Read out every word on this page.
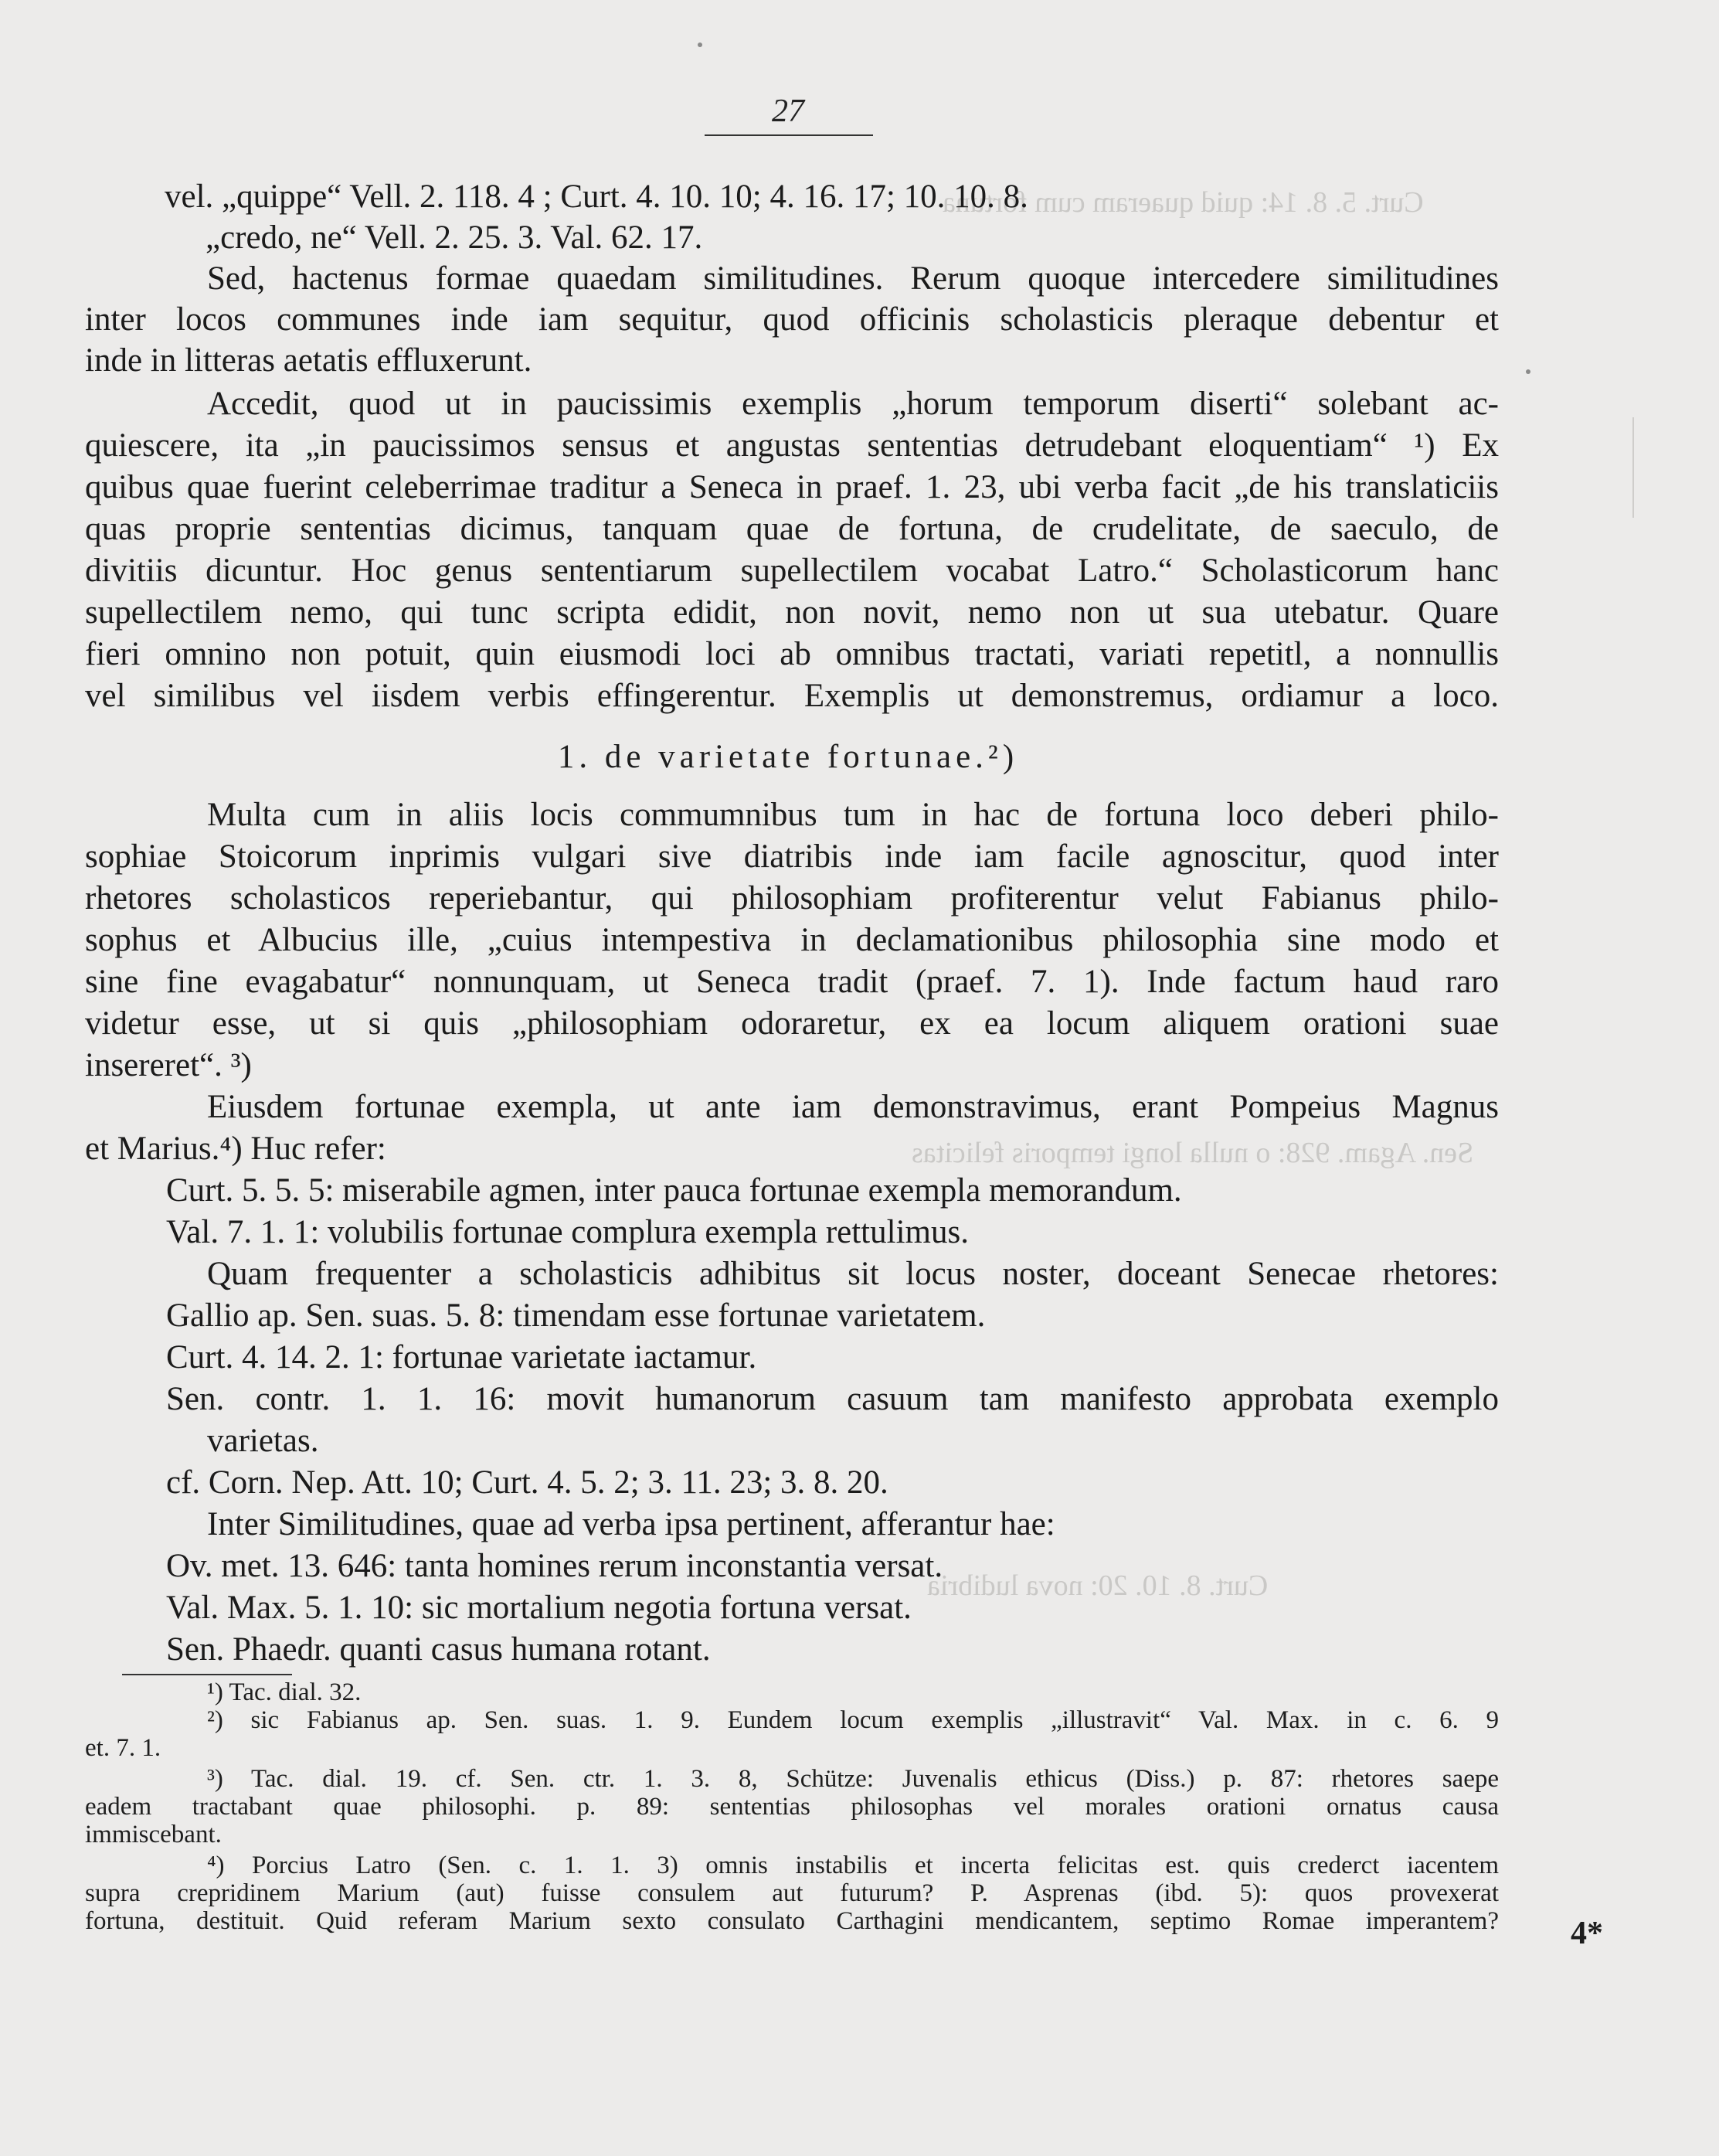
Curt. 5. 8. 14: quid quaeram cum fortuna
Sen. Agam. 928: o nulla longi temporis felicitas
Curt. 8. 10. 20: nova ludibria
27
vel. „quippe“ Vell. 2. 118. 4 ; Curt. 4. 10. 10; 4. 16. 17; 10. 10. 8.
„credo, ne“ Vell. 2. 25. 3. Val. 62. 17.
Sed, hactenus formae quaedam similitudines. Rerum quoque intercedere similitudines
inter locos communes inde iam sequitur, quod officinis scholasticis pleraque debentur et
inde in litteras aetatis effluxerunt.
Accedit, quod ut in paucissimis exemplis „horum temporum diserti“ solebant ac-
quiescere, ita „in paucissimos sensus et angustas sententias detrudebant eloquentiam“ ¹) Ex
quibus quae fuerint celeberrimae traditur a Seneca in praef. 1. 23, ubi verba facit „de his translaticiis
quas proprie sententias dicimus, tanquam quae de fortuna, de crudelitate, de saeculo, de
divitiis dicuntur. Hoc genus sententiarum supellectilem vocabat Latro.“ Scholasticorum hanc
supellectilem nemo, qui tunc scripta edidit, non novit, nemo non ut sua utebatur. Quare
fieri omnino non potuit, quin eiusmodi loci ab omnibus tractati, variati repetitl, a nonnullis
vel similibus vel iisdem verbis effingerentur. Exemplis ut demonstremus, ordiamur a loco.
1. de varietate fortunae.²)
Multa cum in aliis locis commumnibus tum in hac de fortuna loco deberi philo-
sophiae Stoicorum inprimis vulgari sive diatribis inde iam facile agnoscitur, quod inter
rhetores scholasticos reperiebantur, qui philosophiam profiterentur velut Fabianus philo-
sophus et Albucius ille, „cuius intempestiva in declamationibus philosophia sine modo et
sine fine evagabatur“ nonnunquam, ut Seneca tradit (praef. 7. 1). Inde factum haud raro
videtur esse, ut si quis „philosophiam odoraretur, ex ea locum aliquem orationi suae
insereret“. ³)
Eiusdem fortunae exempla, ut ante iam demonstravimus, erant Pompeius Magnus
et Marius.⁴) Huc refer:
Curt. 5. 5. 5: miserabile agmen, inter pauca fortunae exempla memorandum.
Val. 7. 1. 1: volubilis fortunae complura exempla rettulimus.
Quam frequenter a scholasticis adhibitus sit locus noster, doceant Senecae rhetores:
Gallio ap. Sen. suas. 5. 8: timendam esse fortunae varietatem.
Curt. 4. 14. 2. 1: fortunae varietate iactamur.
Sen. contr. 1. 1. 16: movit humanorum casuum tam manifesto approbata exemplo
varietas.
cf. Corn. Nep. Att. 10; Curt. 4. 5. 2; 3. 11. 23; 3. 8. 20.
Inter Similitudines, quae ad verba ipsa pertinent, afferantur hae:
Ov. met. 13. 646: tanta homines rerum inconstantia versat.
Val. Max. 5. 1. 10: sic mortalium negotia fortuna versat.
Sen. Phaedr. quanti casus humana rotant.
¹) Tac. dial. 32.
²) sic Fabianus ap. Sen. suas. 1. 9. Eundem locum exemplis „illustravit“ Val. Max. in c. 6. 9
et. 7. 1.
³) Tac. dial. 19. cf. Sen. ctr. 1. 3. 8, Schütze: Juvenalis ethicus (Diss.) p. 87: rhetores saepe
eadem tractabant quae philosophi. p. 89: sententias philosophas vel morales orationi ornatus causa
immiscebant.
⁴) Porcius Latro (Sen. c. 1. 1. 3) omnis instabilis et incerta felicitas est. quis crederct iacentem
supra crepridinem Marium (aut) fuisse consulem aut futurum? P. Asprenas (ibd. 5): quos provexerat
fortuna, destituit. Quid referam Marium sexto consulato Carthagini mendicantem, septimo Romae imperantem? 4*
